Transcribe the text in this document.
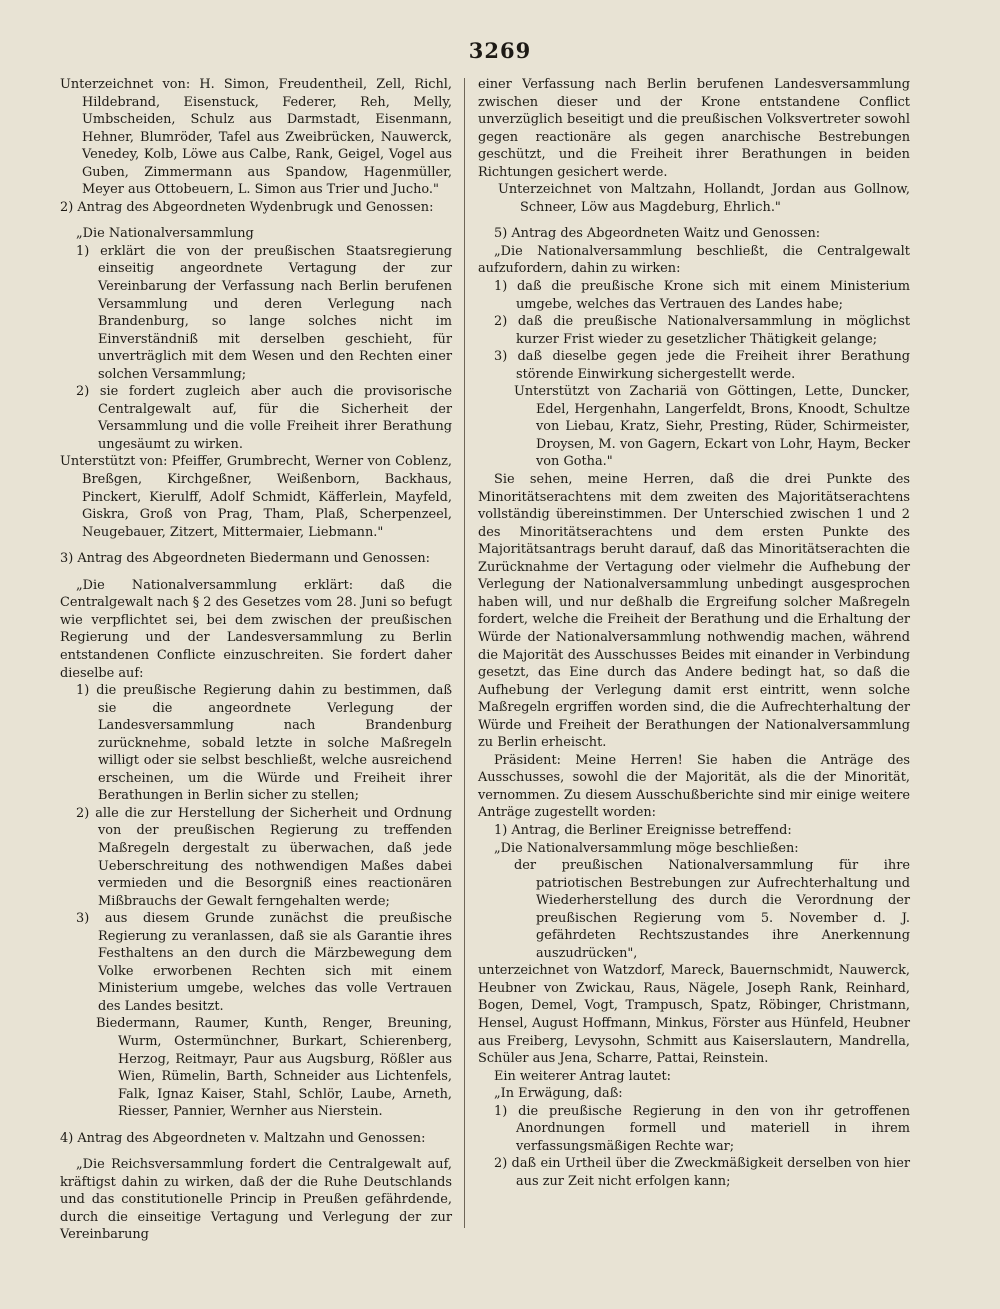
3269

Unterzeichnet von: H. Simon, Freudentheil, Zell, Richl, Hildebrand, Eisenstuck, Federer, Reh, Melly, Umbscheiden, Schulz aus Darmstadt, Eisenmann, Hehner, Blumröder, Tafel aus Zweibrücken, Nauwerck, Venedey, Kolb, Löwe aus Calbe, Rank, Geigel, Vogel aus Guben, Zimmermann aus Spandow, Hagenmüller, Meyer aus Ottobeuern, L. Simon aus Trier und Jucho."

2) Antrag des Abgeordneten Wydenbrugk und Genossen:

„Die Nationalversammlung

1) erklärt die von der preußischen Staatsregierung einseitig angeordnete Vertagung der zur Vereinbarung der Verfassung nach Berlin berufenen Versammlung und deren Verlegung nach Brandenburg, so lange solches nicht im Einverständniß mit derselben geschieht, für unverträglich mit dem Wesen und den Rechten einer solchen Versammlung;

2) sie fordert zugleich aber auch die provisorische Centralgewalt auf, für die Sicherheit der Versammlung und die volle Freiheit ihrer Berathung ungesäumt zu wirken.

Unterstützt von: Pfeiffer, Grumbrecht, Werner von Coblenz, Breßgen, Kirchgeßner, Weißenborn, Backhaus, Pinckert, Kierulff, Adolf Schmidt, Käfferlein, Mayfeld, Giskra, Groß von Prag, Tham, Plaß, Scherpenzeel, Neugebauer, Zitzert, Mittermaier, Liebmann."

3) Antrag des Abgeordneten Biedermann und Genossen:

„Die Nationalversammlung erklärt: daß die Centralgewalt nach § 2 des Gesetzes vom 28. Juni so befugt wie verpflichtet sei, bei dem zwischen der preußischen Regierung und der Landesversammlung zu Berlin entstandenen Conflicte einzuschreiten. Sie fordert daher dieselbe auf:

1) die preußische Regierung dahin zu bestimmen, daß sie die angeordnete Verlegung der Landesversammlung nach Brandenburg zurücknehme, sobald letzte in solche Maßregeln willigt oder sie selbst beschließt, welche ausreichend erscheinen, um die Würde und Freiheit ihrer Berathungen in Berlin sicher zu stellen;

2) alle die zur Herstellung der Sicherheit und Ordnung von der preußischen Regierung zu treffenden Maßregeln dergestalt zu überwachen, daß jede Ueberschreitung des nothwendigen Maßes dabei vermieden und die Besorgniß eines reactionären Mißbrauchs der Gewalt ferngehalten werde;

3) aus diesem Grunde zunächst die preußische Regierung zu veranlassen, daß sie als Garantie ihres Festhaltens an den durch die Märzbewegung dem Volke erworbenen Rechten sich mit einem Ministerium umgebe, welches das volle Vertrauen des Landes besitzt.

Biedermann, Raumer, Kunth, Renger, Breuning, Wurm, Ostermünchner, Burkart, Schierenberg, Herzog, Reitmayr, Paur aus Augsburg, Rößler aus Wien, Rümelin, Barth, Schneider aus Lichtenfels, Falk, Ignaz Kaiser, Stahl, Schlör, Laube, Arneth, Riesser, Pannier, Wernher aus Nierstein.

4) Antrag des Abgeordneten v. Maltzahn und Genossen:

„Die Reichsversammlung fordert die Centralgewalt auf, kräftigst dahin zu wirken, daß der die Ruhe Deutschlands und das constitutionelle Princip in Preußen gefährdende, durch die einseitige Vertagung und Verlegung der zur Vereinbarung

einer Verfassung nach Berlin berufenen Landesversammlung zwischen dieser und der Krone entstandene Conflict unverzüglich beseitigt und die preußischen Volksvertreter sowohl gegen reactionäre als gegen anarchische Bestrebungen geschützt, und die Freiheit ihrer Berathungen in beiden Richtungen gesichert werde.

Unterzeichnet von Maltzahn, Hollandt, Jordan aus Gollnow, Schneer, Löw aus Magdeburg, Ehrlich."

5) Antrag des Abgeordneten Waitz und Genossen:

„Die Nationalversammlung beschließt, die Centralgewalt aufzufordern, dahin zu wirken:

1) daß die preußische Krone sich mit einem Ministerium umgebe, welches das Vertrauen des Landes habe;

2) daß die preußische Nationalversammlung in möglichst kurzer Frist wieder zu gesetzlicher Thätigkeit gelange;

3) daß dieselbe gegen jede die Freiheit ihrer Berathung störende Einwirkung sichergestellt werde.

Unterstützt von Zachariä von Göttingen, Lette, Duncker, Edel, Hergenhahn, Langerfeldt, Brons, Knoodt, Schultze von Liebau, Kratz, Siehr, Presting, Rüder, Schirmeister, Droysen, M. von Gagern, Eckart von Lohr, Haym, Becker von Gotha."

Sie sehen, meine Herren, daß die drei Punkte des Minoritätserachtens mit dem zweiten des Majoritätserachtens vollständig übereinstimmen. Der Unterschied zwischen 1 und 2 des Minoritätserachtens und dem ersten Punkte des Majoritätsantrags beruht darauf, daß das Minoritätserachten die Zurücknahme der Vertagung oder vielmehr die Aufhebung der Verlegung der Nationalversammlung unbedingt ausgesprochen haben will, und nur deßhalb die Ergreifung solcher Maßregeln fordert, welche die Freiheit der Berathung und die Erhaltung der Würde der Nationalversammlung nothwendig machen, während die Majorität des Ausschusses Beides mit einander in Verbindung gesetzt, das Eine durch das Andere bedingt hat, so daß die Aufhebung der Verlegung damit erst eintritt, wenn solche Maßregeln ergriffen worden sind, die die Aufrechterhaltung der Würde und Freiheit der Berathungen der Nationalversammlung zu Berlin erheischt.

Präsident: Meine Herren! Sie haben die Anträge des Ausschusses, sowohl die der Majorität, als die der Minorität, vernommen. Zu diesem Ausschußberichte sind mir einige weitere Anträge zugestellt worden:

1) Antrag, die Berliner Ereignisse betreffend:

„Die Nationalversammlung möge beschließen:

der preußischen Nationalversammlung für ihre patriotischen Bestrebungen zur Aufrechterhaltung und Wiederherstellung des durch die Verordnung der preußischen Regierung vom 5. November d. J. gefährdeten Rechtszustandes ihre Anerkennung auszudrücken",

unterzeichnet von Watzdorf, Mareck, Bauernschmidt, Nauwerck, Heubner von Zwickau, Raus, Nägele, Joseph Rank, Reinhard, Bogen, Demel, Vogt, Trampusch, Spatz, Röbinger, Christmann, Hensel, August Hoffmann, Minkus, Förster aus Hünfeld, Heubner aus Freiberg, Levysohn, Schmitt aus Kaiserslautern, Mandrella, Schüler aus Jena, Scharre, Pattai, Reinstein.

Ein weiterer Antrag lautet:

„In Erwägung, daß:

1) die preußische Regierung in den von ihr getroffenen Anordnungen formell und materiell in ihrem verfassungsmäßigen Rechte war;

2) daß ein Urtheil über die Zweckmäßigkeit derselben von hier aus zur Zeit nicht erfolgen kann;
